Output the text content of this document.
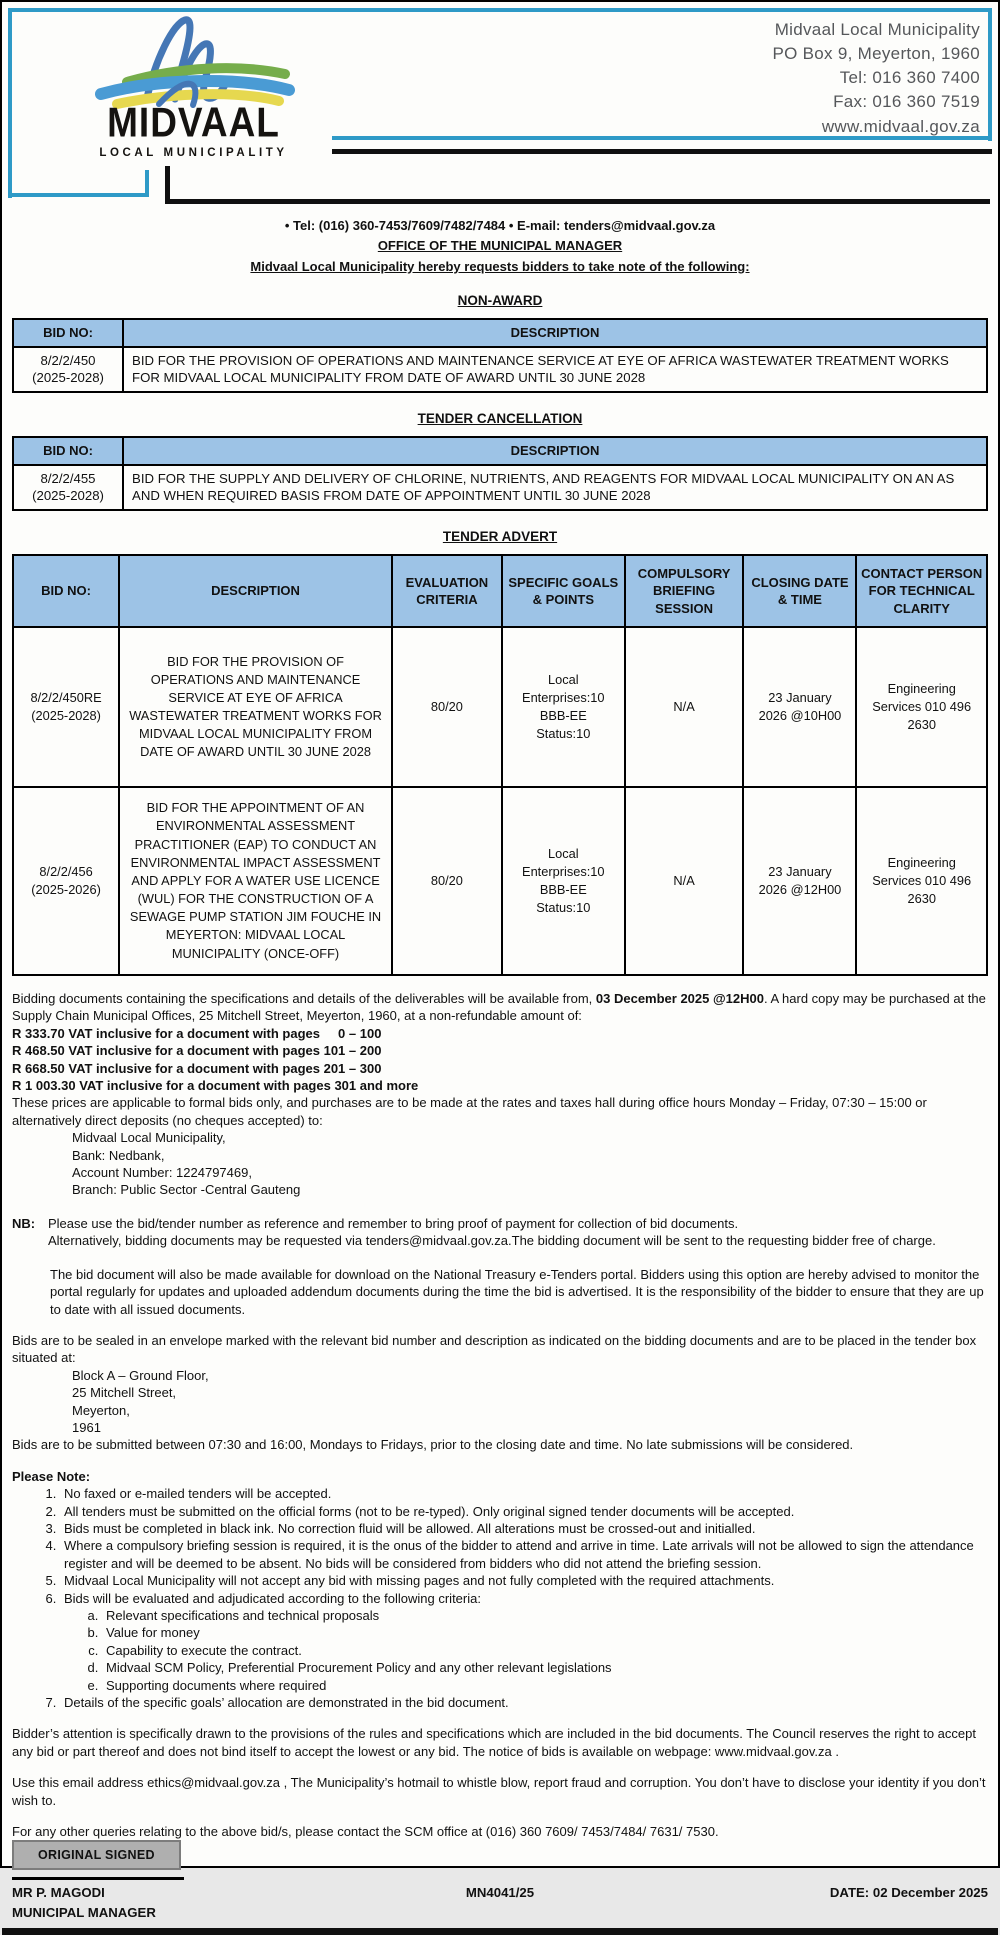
MIDVAAL
LOCAL MUNICIPALITY
Midvaal Local Municipality
PO Box 9, Meyerton, 1960
Tel: 016 360 7400
Fax: 016 360 7519
www.midvaal.gov.za

• Tel: (016) 360-7453/7609/7482/7484 • E-mail: tenders@midvaal.gov.za

OFFICE OF THE MUNICIPAL MANAGER

Midvaal Local Municipality hereby requests bidders to take note of the following:

NON-AWARD
BID NO:	DESCRIPTION

8/2/2/450
(2025-2028)	BID FOR THE PROVISION OF OPERATIONS AND MAINTENANCE SERVICE AT EYE OF AFRICA WASTEWATER TREATMENT WORKS FOR MIDVAAL LOCAL MUNICIPALITY FROM DATE OF AWARD UNTIL 30 JUNE 2028
TENDER CANCELLATION
BID NO:	DESCRIPTION

8/2/2/455
(2025-2028)	BID FOR THE SUPPLY AND DELIVERY OF CHLORINE, NUTRIENTS, AND REAGENTS FOR MIDVAAL LOCAL MUNICIPALITY ON AN AS AND WHEN REQUIRED BASIS FROM DATE OF APPOINTMENT UNTIL 30 JUNE 2028
TENDER ADVERT
BID NO:	DESCRIPTION	EVALUATION CRITERIA	SPECIFIC GOALS & POINTS	COMPULSORY BRIEFING SESSION	CLOSING DATE & TIME	CONTACT PERSON FOR TECHNICAL CLARITY

8/2/2/450RE
(2025-2028)	BID FOR THE PROVISION OF OPERATIONS AND MAINTENANCE SERVICE AT EYE OF AFRICA WASTEWATER TREATMENT WORKS FOR MIDVAAL LOCAL MUNICIPALITY FROM DATE OF AWARD UNTIL 30 JUNE 2028	80/20	Local Enterprises:10 BBB-EE Status:10	N/A	23 January 2026 @10H00	Engineering Services 010 496 2630

8/2/2/456
(2025-2026)	BID FOR THE APPOINTMENT OF AN ENVIRONMENTAL ASSESSMENT PRACTITIONER (EAP) TO CONDUCT AN ENVIRONMENTAL IMPACT ASSESSMENT AND APPLY FOR A WATER USE LICENCE (WUL) FOR THE CONSTRUCTION OF A SEWAGE PUMP STATION JIM FOUCHE IN MEYERTON: MIDVAAL LOCAL MUNICIPALITY (ONCE-OFF)	80/20	Local Enterprises:10 BBB-EE Status:10	N/A	23 January 2026 @12H00	Engineering Services 010 496 2630

Bidding documents containing the specifications and details of the deliverables will be available from, 03 December 2025 @12H00. A hard copy may be purchased at the Supply Chain Municipal Offices, 25 Mitchell Street, Meyerton, 1960, at a non-refundable amount of:

R 333.70 VAT inclusive for a document with pages     0 – 100
R 468.50 VAT inclusive for a document with pages 101 – 200
R 668.50 VAT inclusive for a document with pages 201 – 300
R 1 003.30 VAT inclusive for a document with pages 301 and more
These prices are applicable to formal bids only, and purchases are to be made at the rates and taxes hall during office hours Monday – Friday, 07:30 – 15:00 or alternatively direct deposits (no cheques accepted) to:
Midvaal Local Municipality,
Bank: Nedbank,
Account Number: 1224797469,
Branch: Public Sector -Central Gauteng
NB: Please use the bid/tender number as reference and remember to bring proof of payment for collection of bid documents.
Alternatively, bidding documents may be requested via tenders@midvaal.gov.za.The bidding document will be sent to the requesting bidder free of charge.

The bid document will also be made available for download on the National Treasury e-Tenders portal. Bidders using this option are hereby advised to monitor the portal regularly for updates and uploaded addendum documents during the time the bid is advertised. It is the responsibility of the bidder to ensure that they are up to date with all issued documents.

Bids are to be sealed in an envelope marked with the relevant bid number and description as indicated on the bidding documents and are to be placed in the tender box situated at:

Block A – Ground Floor,
25 Mitchell Street,
Meyerton,
1961
Bids are to be submitted between 07:30 and 16:00, Mondays to Fridays, prior to the closing date and time. No late submissions will be considered.

Please Note:

1. No faxed or e-mailed tenders will be accepted.
2. All tenders must be submitted on the official forms (not to be re-typed). Only original signed tender documents will be accepted.
3. Bids must be completed in black ink. No correction fluid will be allowed. All alterations must be crossed-out and initialled.
4. Where a compulsory briefing session is required, it is the onus of the bidder to attend and arrive in time. Late arrivals will not be allowed to sign the attendance register and will be deemed to be absent. No bids will be considered from bidders who did not attend the briefing session.
5. Midvaal Local Municipality will not accept any bid with missing pages and not fully completed with the required attachments.
6. Bids will be evaluated and adjudicated according to the following criteria:
a. Relevant specifications and technical proposals
b. Value for money
c. Capability to execute the contract.
d. Midvaal SCM Policy, Preferential Procurement Policy and any other relevant legislations
e. Supporting documents where required
7. Details of the specific goals’ allocation are demonstrated in the bid document.

Bidder’s attention is specifically drawn to the provisions of the rules and specifications which are included in the bid documents. The Council reserves the right to accept any bid or part thereof and does not bind itself to accept the lowest or any bid. The notice of bids is available on webpage: www.midvaal.gov.za .

Use this email address ethics@midvaal.gov.za , The Municipality’s hotmail to whistle blow, report fraud and corruption. You don’t have to disclose your identity if you don’t wish to.

For any other queries relating to the above bid/s, please contact the SCM office at (016) 360 7609/ 7453/7484/ 7631/ 7530.

ORIGINAL SIGNED
MR P. MAGODI
MUNICIPAL MANAGER
MN4041/25	DATE: 02 December 2025
